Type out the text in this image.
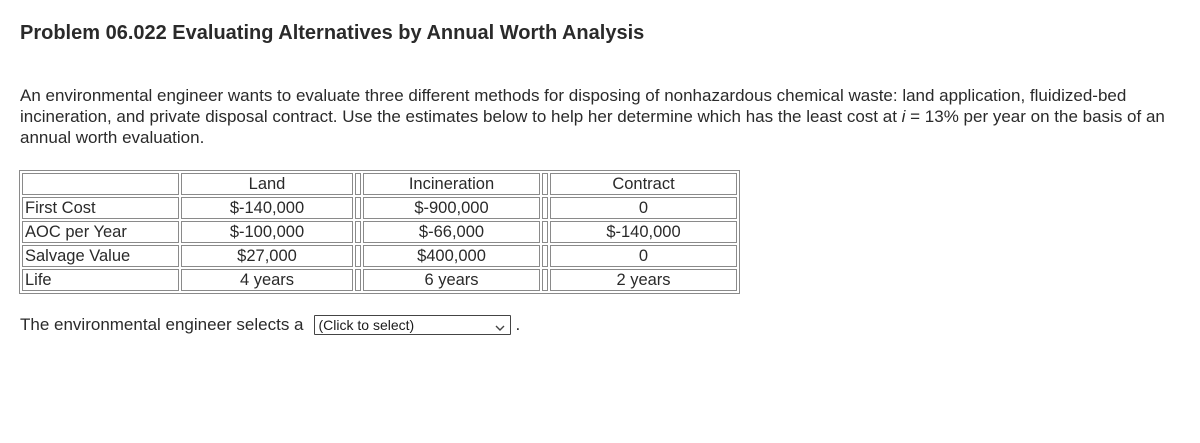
Problem 06.022 Evaluating Alternatives by Annual Worth Analysis
An environmental engineer wants to evaluate three different methods for disposing of nonhazardous chemical waste: land application, fluidized-bed incineration, and private disposal contract. Use the estimates below to help her determine which has the least cost at i = 13% per year on the basis of an annual worth evaluation.
	Land		Incineration		Contract
First Cost	$-140,000		$-900,000		0
AOC per Year	$-100,000		$-66,000		$-140,000
Salvage Value	$27,000		$400,000		0
Life	4 years		6 years		2 years
The environmental engineer selects a (Click to select)	.
